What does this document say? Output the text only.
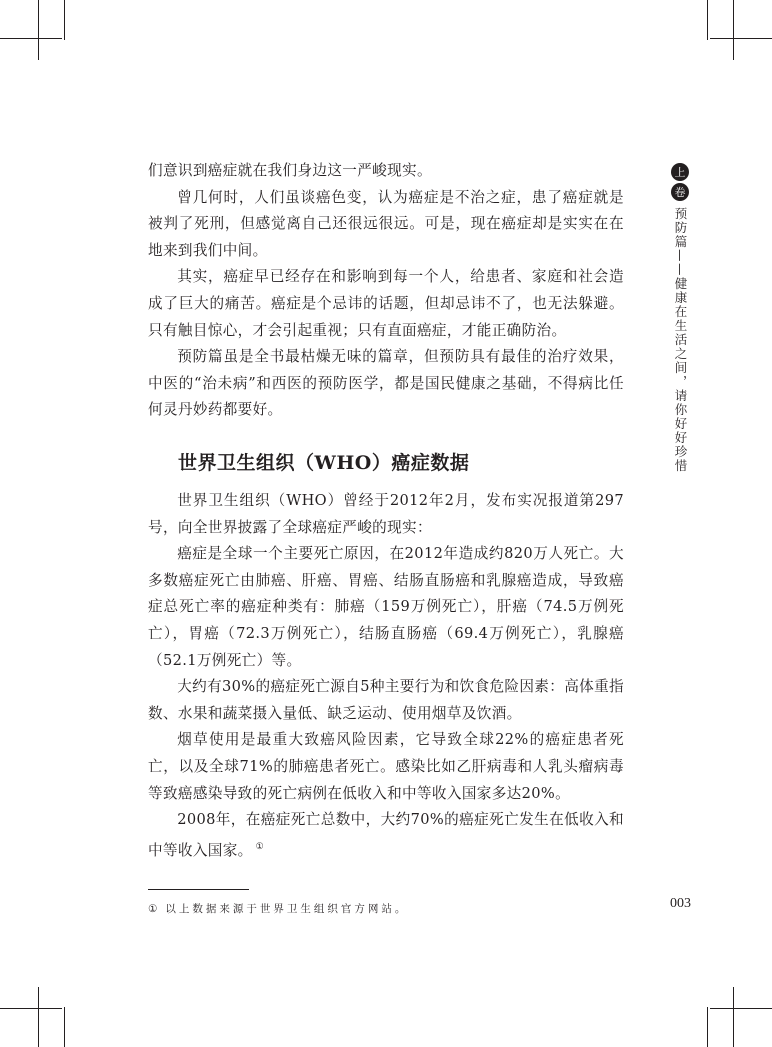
上
卷
预防篇——健康在生活之间，请你好好珍惜

们意识到癌症就在我们身边这一严峻现实。

曾几何时，人们虽谈癌色变，认为癌症是不治之症，患了癌症就是被判了死刑，但感觉离自己还很远很远。可是，现在癌症却是实实在在地来到我们中间。

其实，癌症早已经存在和影响到每一个人，给患者、家庭和社会造成了巨大的痛苦。癌症是个忌讳的话题，但却忌讳不了，也无法躲避。只有触目惊心，才会引起重视；只有直面癌症，才能正确防治。

预防篇虽是全书最枯燥无味的篇章，但预防具有最佳的治疗效果，中医的“治未病”和西医的预防医学，都是国民健康之基础，不得病比任何灵丹妙药都要好。

世界卫生组织（WHO）癌症数据

世界卫生组织（WHO）曾经于2012年2月，发布实况报道第297号，向全世界披露了全球癌症严峻的现实：

癌症是全球一个主要死亡原因，在2012年造成约820万人死亡。大多数癌症死亡由肺癌、肝癌、胃癌、结肠直肠癌和乳腺癌造成，导致癌症总死亡率的癌症种类有：肺癌（159万例死亡），肝癌（74.5万例死亡），胃癌（72.3万例死亡），结肠直肠癌（69.4万例死亡），乳腺癌（52.1万例死亡）等。

大约有30%的癌症死亡源自5种主要行为和饮食危险因素：高体重指数、水果和蔬菜摄入量低、缺乏运动、使用烟草及饮酒。

烟草使用是最重大致癌风险因素，它导致全球22%的癌症患者死亡，以及全球71%的肺癌患者死亡。感染比如乙肝病毒和人乳头瘤病毒等致癌感染导致的死亡病例在低收入和中等收入国家多达20%。

2008年，在癌症死亡总数中，大约70%的癌症死亡发生在低收入和中等收入国家。 ①

① 以上数据来源于世界卫生组织官方网站。	003
